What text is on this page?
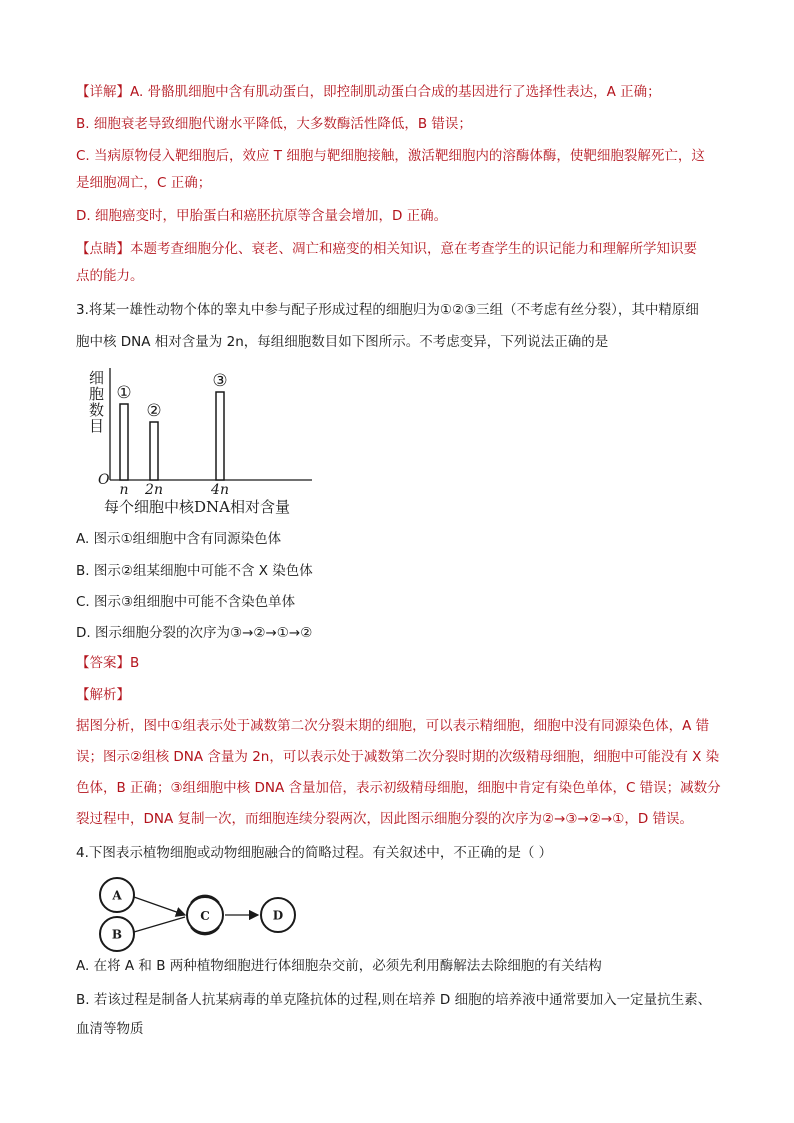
【详解】A. 骨骼肌细胞中含有肌动蛋白，即控制肌动蛋白合成的基因进行了选择性表达，A 正确；
B. 细胞衰老导致细胞代谢水平降低，大多数酶活性降低，B 错误；
C. 当病原物侵入靶细胞后，效应 T 细胞与靶细胞接触，激活靶细胞内的溶酶体酶，使靶细胞裂解死亡，这
是细胞凋亡，C 正确；
D. 细胞癌变时，甲胎蛋白和癌胚抗原等含量会增加，D 正确。
【点睛】本题考查细胞分化、衰老、凋亡和癌变的相关知识，意在考查学生的识记能力和理解所学知识要
点的能力。
3.将某一雄性动物个体的睾丸中参与配子形成过程的细胞归为①②③三组（不考虑有丝分裂），其中精原细
胞中核 DNA 相对含量为 2n，每组细胞数目如下图所示。不考虑变异，下列说法正确的是
O
细胞数目 ①
n
②
2n
③
4n
每个细胞中核DNA相对含量
A. 图示①组细胞中含有同源染色体
B. 图示②组某细胞中可能不含 X 染色体
C. 图示③组细胞中可能不含染色单体
D. 图示细胞分裂的次序为③→②→①→②
【答案】B
【解析】
据图分析，图中①组表示处于减数第二次分裂末期的细胞，可以表示精细胞，细胞中没有同源染色体，A 错
误；图示②组核 DNA 含量为 2n，可以表示处于减数第二次分裂时期的次级精母细胞，细胞中可能没有 X 染
色体，B 正确；③组细胞中核 DNA 含量加倍，表示初级精母细胞，细胞中肯定有染色单体，C 错误；减数分
裂过程中，DNA 复制一次，而细胞连续分裂两次，因此图示细胞分裂的次序为②→③→②→①，D 错误。
4.下图表示植物细胞或动物细胞融合的简略过程。有关叙述中，不正确的是（ ）
A
B
C	D
A. 在将 A 和 B 两种植物细胞进行体细胞杂交前，必须先利用酶解法去除细胞的有关结构
B. 若该过程是制备人抗某病毒的单克隆抗体的过程,则在培养 D 细胞的培养液中通常要加入一定量抗生素、
血清等物质
